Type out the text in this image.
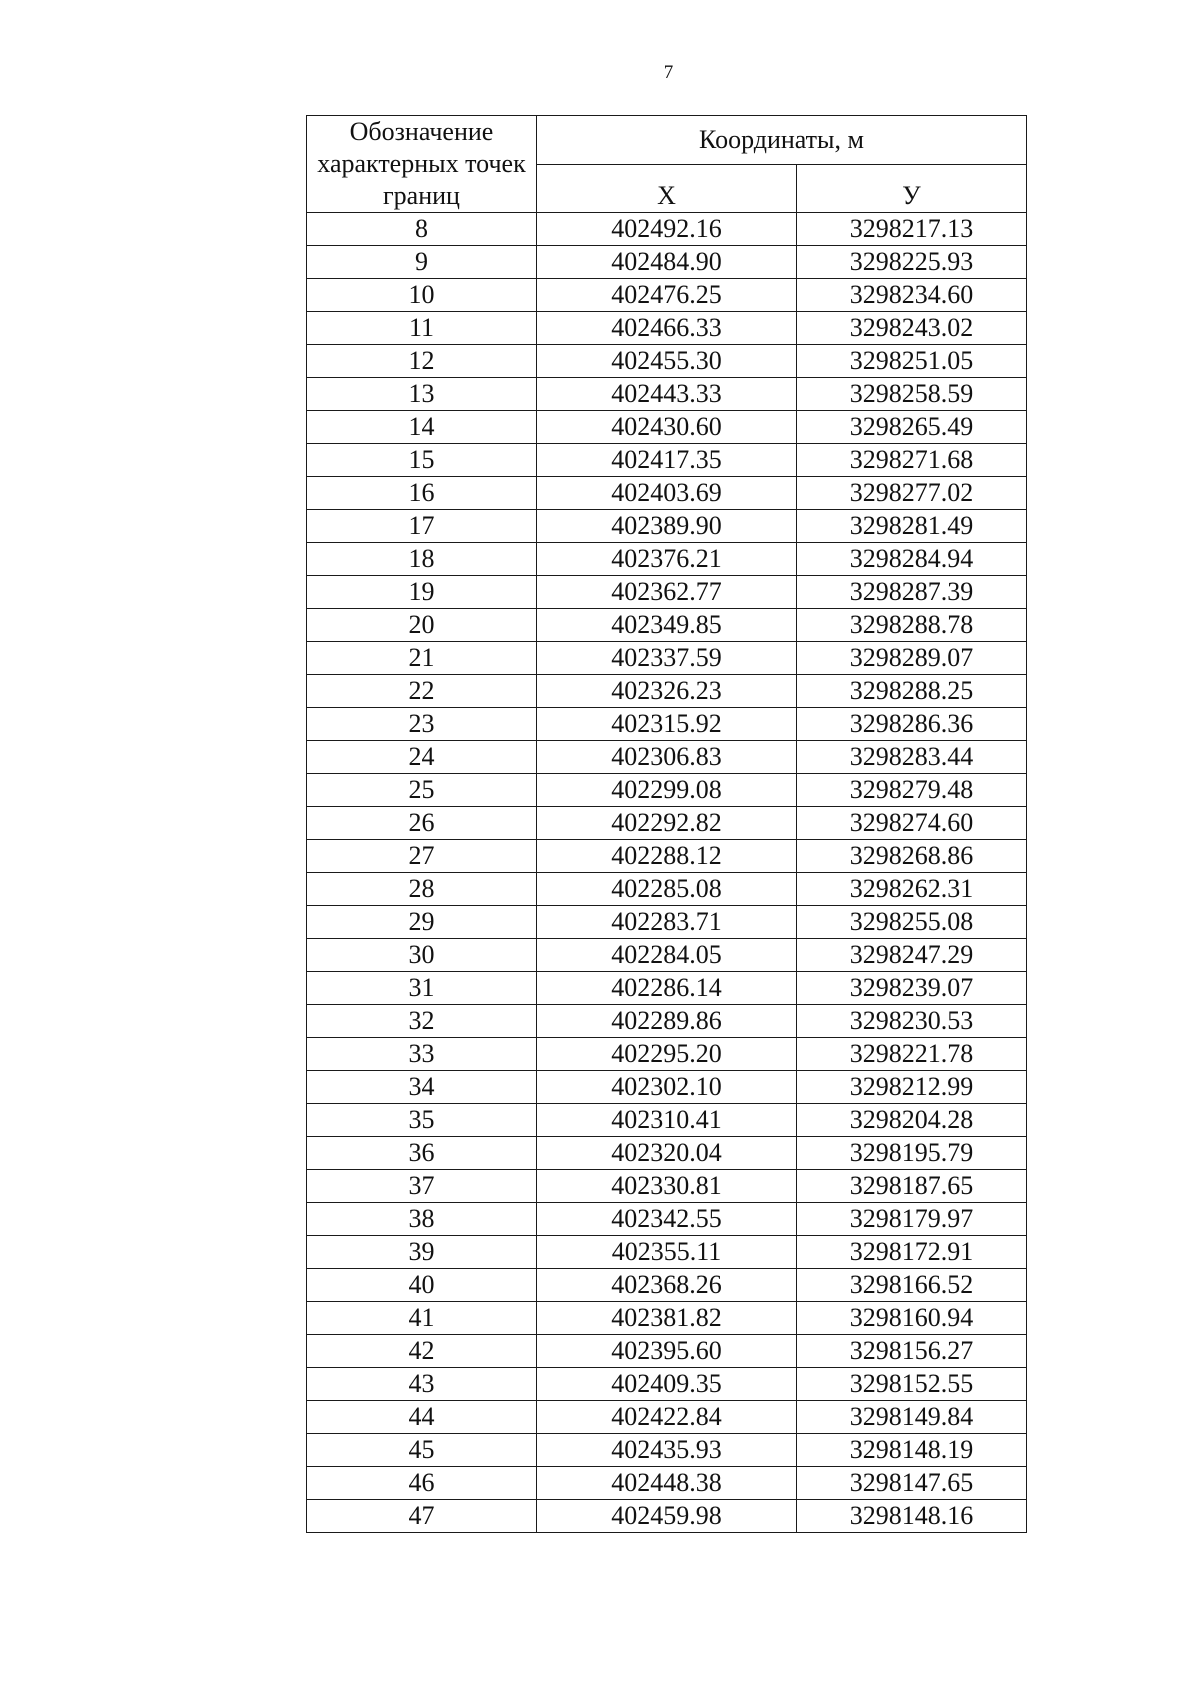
7
Обозначение характерных точек границ	Координаты, м	
	Х	У
8	402492.16	3298217.13
9	402484.90	3298225.93
10	402476.25	3298234.60
11	402466.33	3298243.02
12	402455.30	3298251.05
13	402443.33	3298258.59
14	402430.60	3298265.49
15	402417.35	3298271.68
16	402403.69	3298277.02
17	402389.90	3298281.49
18	402376.21	3298284.94
19	402362.77	3298287.39
20	402349.85	3298288.78
21	402337.59	3298289.07
22	402326.23	3298288.25
23	402315.92	3298286.36
24	402306.83	3298283.44
25	402299.08	3298279.48
26	402292.82	3298274.60
27	402288.12	3298268.86
28	402285.08	3298262.31
29	402283.71	3298255.08
30	402284.05	3298247.29
31	402286.14	3298239.07
32	402289.86	3298230.53
33	402295.20	3298221.78
34	402302.10	3298212.99
35	402310.41	3298204.28
36	402320.04	3298195.79
37	402330.81	3298187.65
38	402342.55	3298179.97
39	402355.11	3298172.91
40	402368.26	3298166.52
41	402381.82	3298160.94
42	402395.60	3298156.27
43	402409.35	3298152.55
44	402422.84	3298149.84
45	402435.93	3298148.19
46	402448.38	3298147.65
47	402459.98	3298148.16
